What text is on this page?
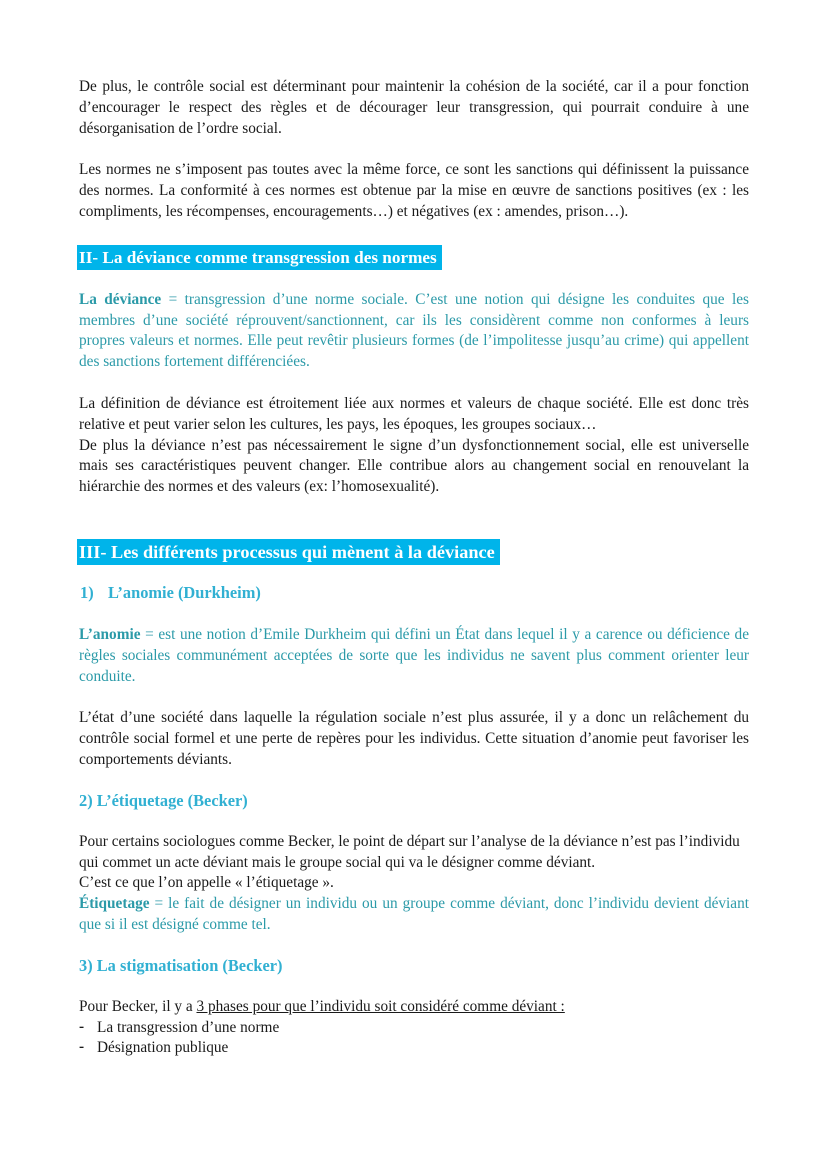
De plus, le contrôle social est déterminant pour maintenir la cohésion de la société, car il a pour fonction d’encourager le respect des règles et de décourager leur transgression, qui pourrait conduire à une désorganisation de l’ordre social.

Les normes ne s’imposent pas toutes avec la même force, ce sont les sanctions qui définissent la puissance des normes. La conformité à ces normes est obtenue par la mise en œuvre de sanctions positives (ex : les compliments, les récompenses, encouragements…) et négatives (ex : amendes, prison…).

II- La déviance comme transgression des normes

La déviance = transgression d’une norme sociale. C’est une notion qui désigne les conduites que les membres d’une société réprouvent/sanctionnent, car ils les considèrent comme non conformes à leurs propres valeurs et normes. Elle peut revêtir plusieurs formes (de l’impolitesse jusqu’au crime) qui appellent des sanctions fortement différenciées.

La définition de déviance est étroitement liée aux normes et valeurs de chaque société. Elle est donc très relative et peut varier selon les cultures, les pays, les époques, les groupes sociaux…

De plus la déviance n’est pas nécessairement le signe d’un dysfonctionnement social, elle est universelle mais ses caractéristiques peuvent changer. Elle contribue alors au changement social en renouvelant la hiérarchie des normes et des valeurs (ex: l’homosexualité).

III- Les différents processus qui mènent à la déviance
1) L’anomie (Durkheim)

L’anomie = est une notion d’Emile Durkheim qui défini un État dans lequel il y a carence ou déficience de règles sociales communément acceptées de sorte que les individus ne savent plus comment orienter leur conduite.

L’état d’une société dans laquelle la régulation sociale n’est plus assurée, il y a donc un relâchement du contrôle social formel et une perte de repères pour les individus. Cette situation d’anomie peut favoriser les comportements déviants.

2) L’étiquetage (Becker)

Pour certains sociologues comme Becker, le point de départ sur l’analyse de la déviance n’est pas l’individu qui commet un acte déviant mais le groupe social qui va le désigner comme déviant.

C’est ce que l’on appelle « l’étiquetage ».

Étiquetage = le fait de désigner un individu ou un groupe comme déviant, donc l’individu devient déviant que si il est désigné comme tel.

3) La stigmatisation (Becker)

Pour Becker, il y a 3 phases pour que l’individu soit considéré comme déviant :

- La transgression d’une norme
- Désignation publique
